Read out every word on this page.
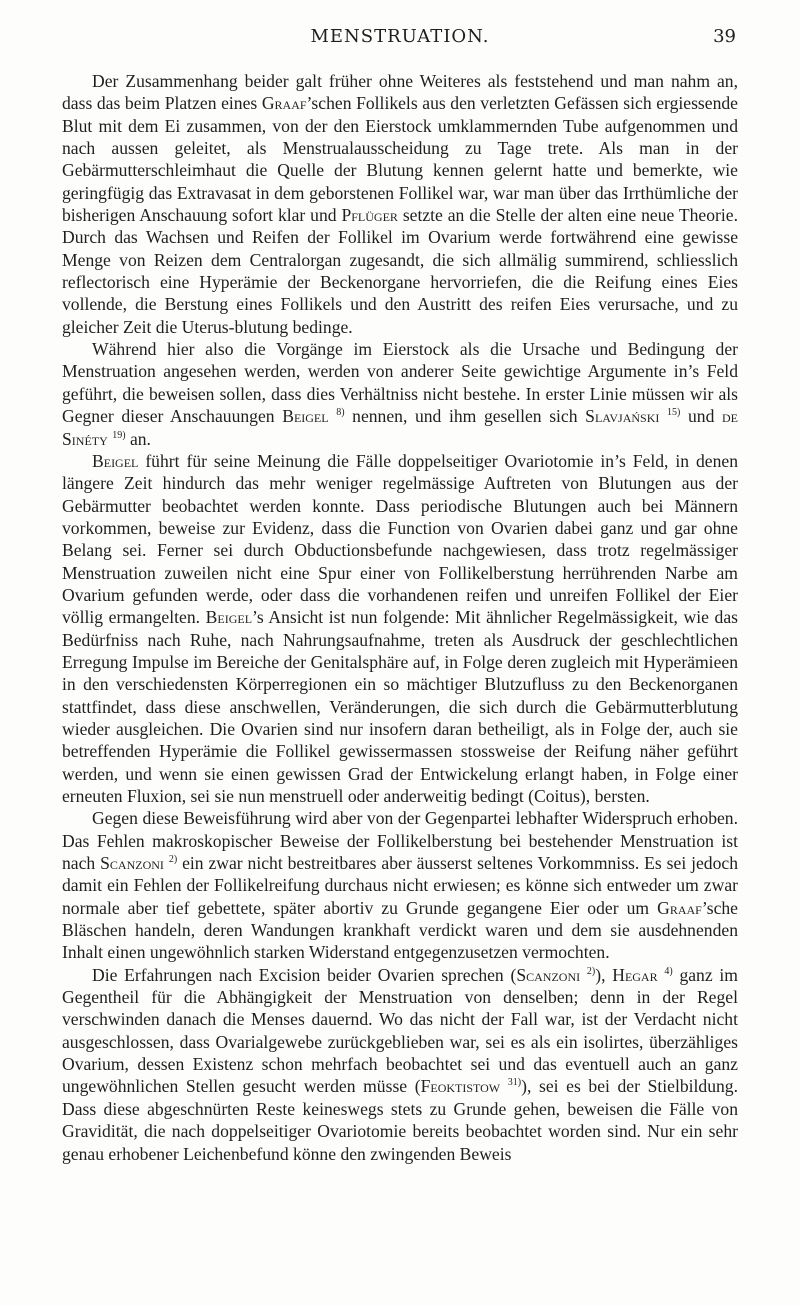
MENSTRUATION.	39

Der Zusammenhang beider galt früher ohne Weiteres als feststehend und man nahm an, dass das beim Platzen eines Graaf’schen Follikels aus den verletzten Gefässen sich ergiessende Blut mit dem Ei zusammen, von der den Eierstock umklammernden Tube aufgenommen und nach aussen geleitet, als Menstrualausscheidung zu Tage trete. Als man in der Gebärmutterschleimhaut die Quelle der Blutung kennen gelernt hatte und bemerkte, wie geringfügig das Extravasat in dem geborstenen Follikel war, war man über das Irrthümliche der bisherigen Anschauung sofort klar und Pflüger setzte an die Stelle der alten eine neue Theorie. Durch das Wachsen und Reifen der Follikel im Ovarium werde fortwährend eine gewisse Menge von Reizen dem Centralorgan zugesandt, die sich allmälig summirend, schliesslich reflectorisch eine Hyperämie der Beckenorgane hervorriefen, die die Reifung eines Eies vollende, die Berstung eines Follikels und den Austritt des reifen Eies verursache, und zu gleicher Zeit die Uterus-blutung bedinge.

Während hier also die Vorgänge im Eierstock als die Ursache und Bedingung der Menstruation angesehen werden, werden von anderer Seite gewichtige Argumente in’s Feld geführt, die beweisen sollen, dass dies Verhältniss nicht bestehe. In erster Linie müssen wir als Gegner dieser Anschauungen Beigel $^{8)}$ nennen, und ihm gesellen sich Slavjański $^{15)}$ und de Sinéty $^{19)}$ an.

Beigel führt für seine Meinung die Fälle doppelseitiger Ovariotomie in’s Feld, in denen längere Zeit hindurch das mehr weniger regelmässige Auftreten von Blutungen aus der Gebärmutter beobachtet werden konnte. Dass periodische Blutungen auch bei Männern vorkommen, beweise zur Evidenz, dass die Function von Ovarien dabei ganz und gar ohne Belang sei. Ferner sei durch Obductionsbefunde nachgewiesen, dass trotz regelmässiger Menstruation zuweilen nicht eine Spur einer von Follikelberstung herrührenden Narbe am Ovarium gefunden werde, oder dass die vorhandenen reifen und unreifen Follikel der Eier völlig ermangelten. Beigel’s Ansicht ist nun folgende: Mit ähnlicher Regelmässigkeit, wie das Bedürfniss nach Ruhe, nach Nahrungsaufnahme, treten als Ausdruck der geschlechtlichen Erregung Impulse im Bereiche der Genitalsphäre auf, in Folge deren zugleich mit Hyperämieen in den verschiedensten Körperregionen ein so mächtiger Blutzufluss zu den Beckenorganen stattfindet, dass diese anschwellen, Veränderungen, die sich durch die Gebärmutterblutung wieder ausgleichen. Die Ovarien sind nur insofern daran betheiligt, als in Folge der, auch sie betreffenden Hyperämie die Follikel gewissermassen stossweise der Reifung näher geführt werden, und wenn sie einen gewissen Grad der Entwickelung erlangt haben, in Folge einer erneuten Fluxion, sei sie nun menstruell oder anderweitig bedingt (Coitus), bersten.

Gegen diese Beweisführung wird aber von der Gegenpartei lebhafter Widerspruch erhoben. Das Fehlen makroskopischer Beweise der Follikelberstung bei bestehender Menstruation ist nach Scanzoni $^{2)}$ ein zwar nicht bestreitbares aber äusserst seltenes Vorkommniss. Es sei jedoch damit ein Fehlen der Follikelreifung durchaus nicht erwiesen; es könne sich entweder um zwar normale aber tief gebettete, später abortiv zu Grunde gegangene Eier oder um Graaf’sche Bläschen handeln, deren Wandungen krankhaft verdickt waren und dem sie ausdehnenden Inhalt einen ungewöhnlich starken Widerstand entgegenzusetzen vermochten.

Die Erfahrungen nach Excision beider Ovarien sprechen (Scanzoni $^{2)}$), Hegar $^{4)}$ ganz im Gegentheil für die Abhängigkeit der Menstruation von denselben; denn in der Regel verschwinden danach die Menses dauernd. Wo das nicht der Fall war, ist der Verdacht nicht ausgeschlossen, dass Ovarialgewebe zurückgeblieben war, sei es als ein isolirtes, überzähliges Ovarium, dessen Existenz schon mehrfach beobachtet sei und das eventuell auch an ganz ungewöhnlichen Stellen gesucht werden müsse (Feoktistow $^{31)}$), sei es bei der Stielbildung. Dass diese abgeschnürten Reste keineswegs stets zu Grunde gehen, beweisen die Fälle von Gravidität, die nach doppelseitiger Ovariotomie bereits beobachtet worden sind. Nur ein sehr genau erhobener Leichenbefund könne den zwingenden Beweis
